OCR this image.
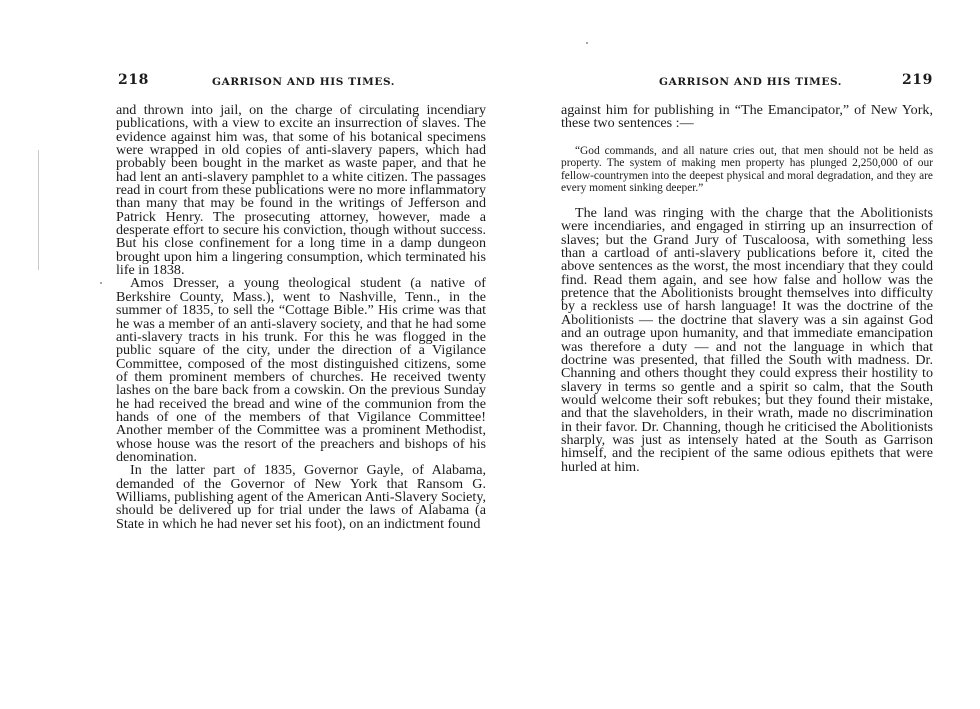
218	GARRISON AND HIS TIMES.

and thrown into jail, on the charge of circulating incendiary publications, with a view to excite an insurrection of slaves. The evidence against him was, that some of his botanical specimens were wrapped in old copies of anti-slavery papers, which had probably been bought in the market as waste paper, and that he had lent an anti-slavery pamphlet to a white citizen. The passages read in court from these publications were no more inflammatory than many that may be found in the writings of Jefferson and Patrick Henry. The prosecuting attorney, however, made a desperate effort to secure his conviction, though without success. But his close confinement for a long time in a damp dungeon brought upon him a lingering consumption, which terminated his life in 1838.

Amos Dresser, a young theological student (a native of Berkshire County, Mass.), went to Nashville, Tenn., in the summer of 1835, to sell the “Cottage Bible.” His crime was that he was a member of an anti-slavery society, and that he had some anti-slavery tracts in his trunk. For this he was flogged in the public square of the city, under the direction of a Vigilance Committee, composed of the most distinguished citizens, some of them prominent members of churches. He received twenty lashes on the bare back from a cowskin. On the previous Sunday he had received the bread and wine of the communion from the hands of one of the members of that Vigilance Committee! Another member of the Committee was a prominent Methodist, whose house was the resort of the preachers and bishops of his denomination.

In the latter part of 1835, Governor Gayle, of Alabama, demanded of the Governor of New York that Ransom G. Williams, publishing agent of the American Anti-Slavery Society, should be delivered up for trial under the laws of Alabama (a State in which he had never set his foot), on an indictment found

GARRISON AND HIS TIMES.	219

against him for publishing in “The Emancipator,” of New York, these two sentences :—

“God commands, and all nature cries out, that men should not be held as property. The system of making men property has plunged 2,250,000 of our fellow-countrymen into the deepest physical and moral degradation, and they are every moment sinking deeper.”

The land was ringing with the charge that the Abolitionists were incendiaries, and engaged in stirring up an insurrection of slaves; but the Grand Jury of Tuscaloosa, with something less than a cartload of anti-slavery publications before it, cited the above sentences as the worst, the most incendiary that they could find. Read them again, and see how false and hollow was the pretence that the Abolitionists brought themselves into difficulty by a reckless use of harsh language! It was the doctrine of the Abolitionists — the doctrine that slavery was a sin against God and an outrage upon humanity, and that immediate emancipation was therefore a duty — and not the language in which that doctrine was presented, that filled the South with madness. Dr. Channing and others thought they could express their hostility to slavery in terms so gentle and a spirit so calm, that the South would welcome their soft rebukes; but they found their mistake, and that the slaveholders, in their wrath, made no discrimination in their favor. Dr. Channing, though he criticised the Abolitionists sharply, was just as intensely hated at the South as Garrison himself, and the recipient of the same odious epithets that were hurled at him.
